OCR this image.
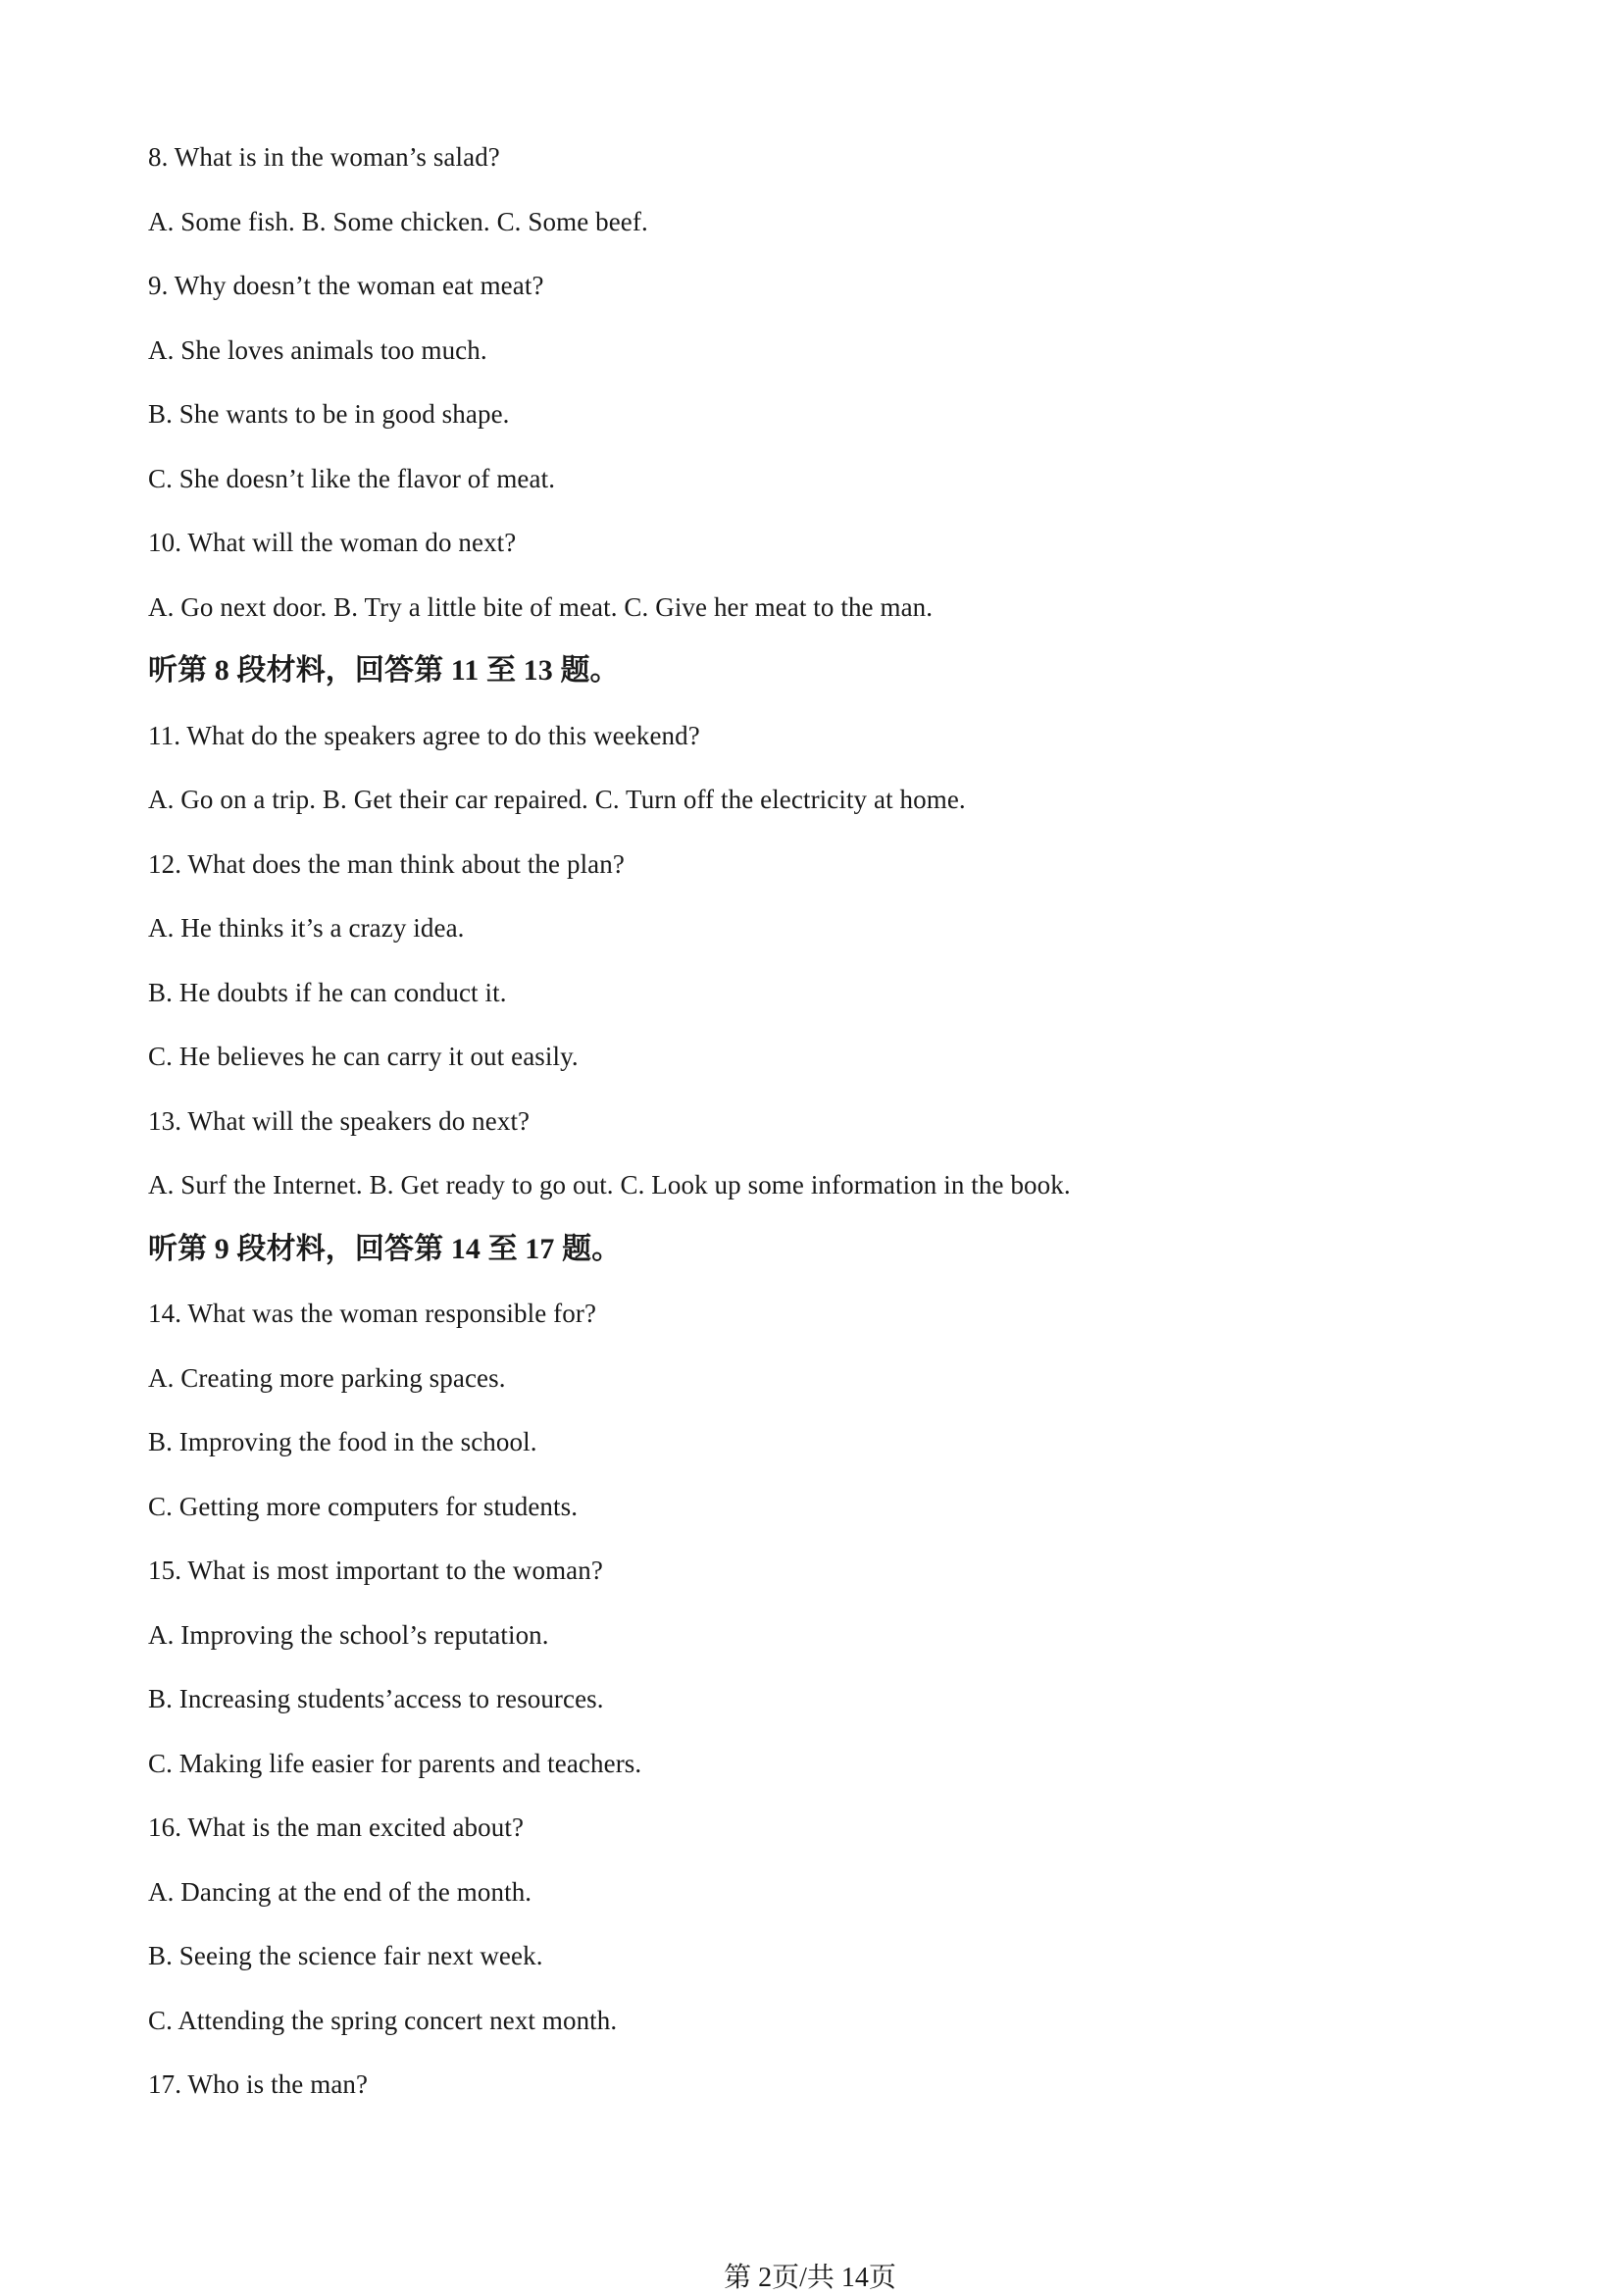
8. What is in the woman’s salad?
A. Some fish. B. Some chicken. C. Some beef.
9. Why doesn’t the woman eat meat?
A. She loves animals too much.
B. She wants to be in good shape.
C. She doesn’t like the flavor of meat.
10. What will the woman do next?
A. Go next door. B. Try a little bite of meat. C. Give her meat to the man.
听第 8 段材料，回答第 11 至 13 题。
11. What do the speakers agree to do this weekend?
A. Go on a trip. B. Get their car repaired. C. Turn off the electricity at home.
12. What does the man think about the plan?
A. He thinks it’s a crazy idea.
B. He doubts if he can conduct it.
C. He believes he can carry it out easily.
13. What will the speakers do next?
A. Surf the Internet. B. Get ready to go out. C. Look up some information in the book.
听第 9 段材料，回答第 14 至 17 题。
14. What was the woman responsible for?
A. Creating more parking spaces.
B. Improving the food in the school.
C. Getting more computers for students.
15. What is most important to the woman?
A. Improving the school’s reputation.
B. Increasing students’access to resources.
C. Making life easier for parents and teachers.
16. What is the man excited about?
A. Dancing at the end of the month.
B. Seeing the science fair next week.
C. Attending the spring concert next month.
17. Who is the man?
第 2页/共 14页
